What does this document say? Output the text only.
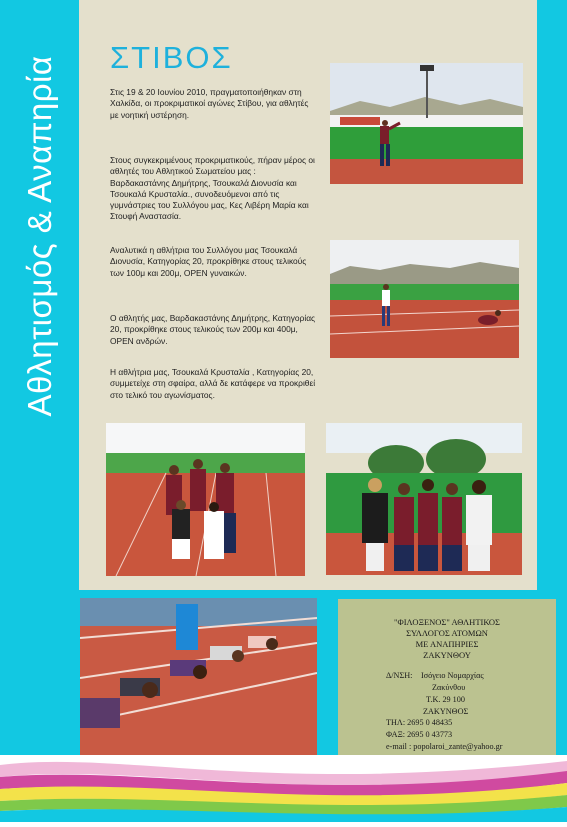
Αθλητισμός & Αναπηρία ΣΤΙΒΟΣ
Στις 19 & 20 Ιουνίου 2010, πραγματοποιήθηκαν στη Χαλκίδα, οι προκριματικοί αγώνες Στίβου, για αθλητές με νοητική υστέρηση.
Στους συγκεκριμένους προκριματικούς, πήραν μέρος οι αθλητές του Αθλητικού Σωματείου μας : Βαρδακαστάνης Δημήτρης, Τσουκαλά Διονυσία και Τσουκαλά Κρυσταλία., συνοδευόμενοι από τις γυμνάστριες του Συλλόγου μας, Κες Λιβέρη Μαρία και Στουφή Αναστασία.
Αναλυτικά η αθλήτρια του Συλλόγου μας Τσουκαλά Διονυσία, Κατηγορίας 20, προκρίθηκε στους τελικούς των 100μ και 200μ, OPEN γυναικών.
Ο αθλητής μας, Βαρδακαστάνης Δημήτρης, Κατηγορίας 20, προκρίθηκε στους τελικούς των 200μ και 400μ, OPEN ανδρών.
Η αθλήτρια μας, Τσουκαλά Κρυσταλία , Κατηγορίας 20, συμμετείχε στη σφαίρα, αλλά δε κατάφερε να προκριθεί στο τελικό του αγωνίσματος.
"ΦΙΛΟΞΕΝΟΣ" ΑΘΛΗΤΙΚΟΣ
ΣΥΛΛΟΓΟΣ ΑΤΟΜΩΝ
ΜΕ ΑΝΑΠΗΡΙΕΣ
ΖΑΚΥΝΘΟΥ
Δ/ΝΣΗ: Ισόγειο Νομαρχίας
Ζακύνθου
Τ.Κ. 29 100
ΖΑΚΥΝΘΟΣ
ΤΗΛ: 2695 0 48435
ΦΑΞ: 2695 0 43773
e-mail : popolaroi_zante@yahoo.gr
